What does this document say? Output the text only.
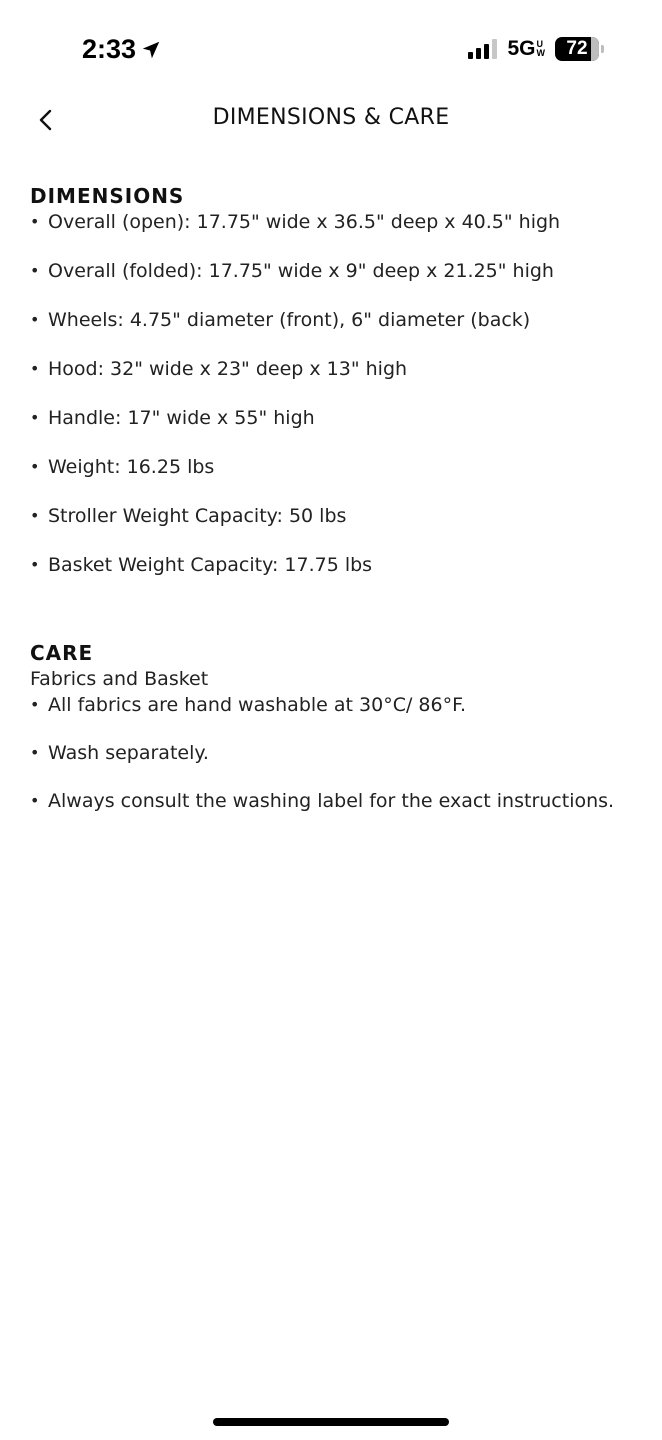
2:33	5G U
W	72
DIMENSIONS & CARE
DIMENSIONS
• Overall (open): 17.75" wide x 36.5" deep x 40.5" high
• Overall (folded): 17.75" wide x 9" deep x 21.25" high
• Wheels: 4.75" diameter (front), 6" diameter (back)
• Hood: 32" wide x 23" deep x 13" high
• Handle: 17" wide x 55" high
• Weight: 16.25 lbs
• Stroller Weight Capacity: 50 lbs
• Basket Weight Capacity: 17.75 lbs
CARE

Fabrics and Basket

• All fabrics are hand washable at 30°C/ 86°F.
• Wash separately.
• Always consult the washing label for the exact instructions.
